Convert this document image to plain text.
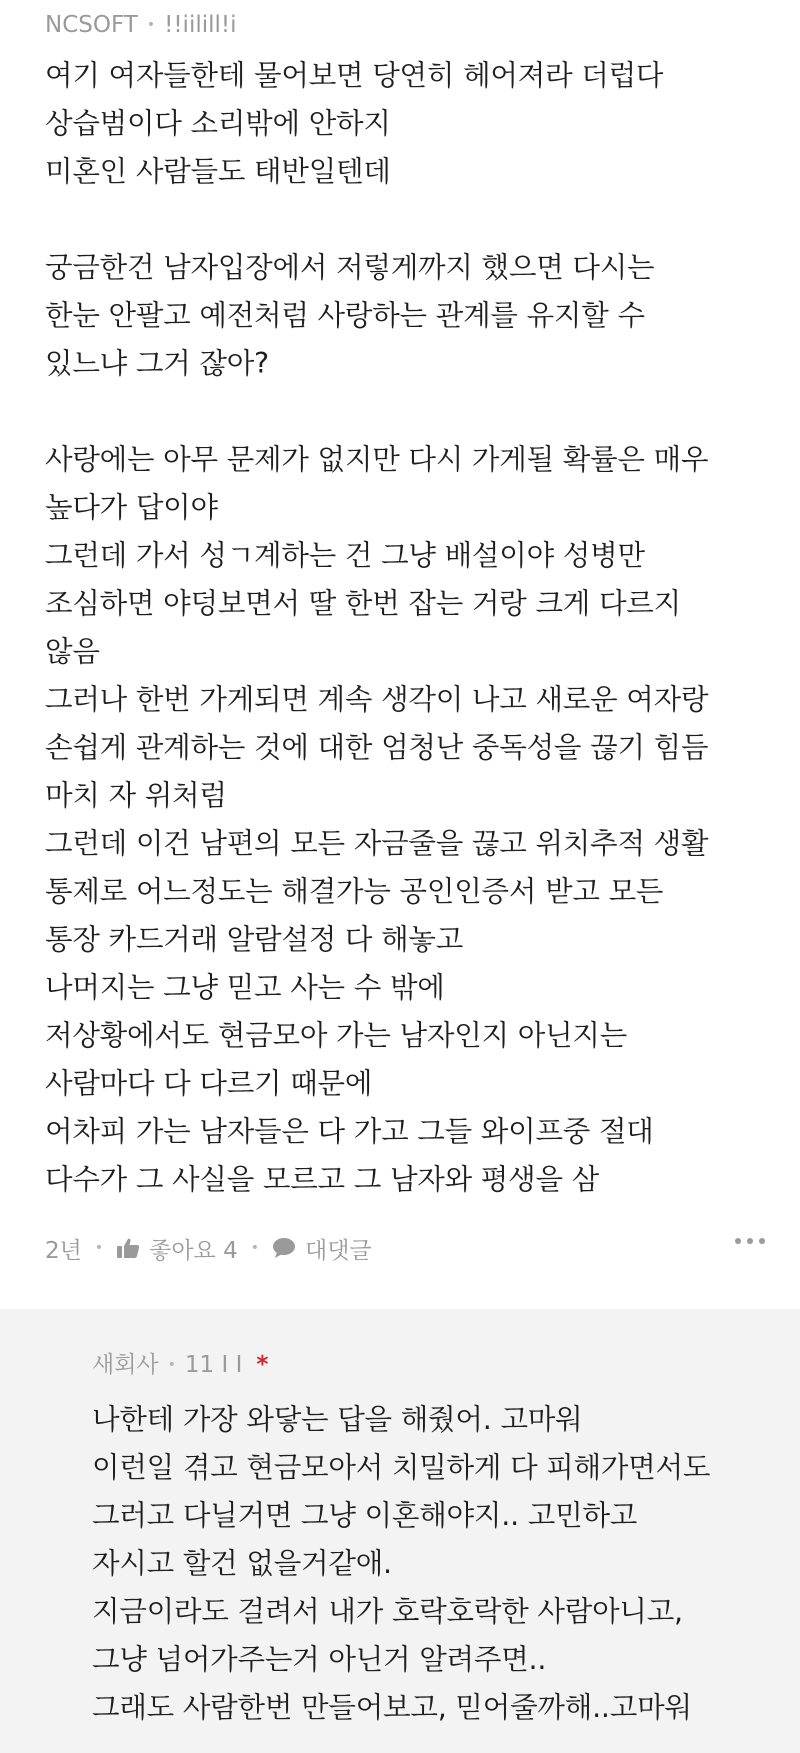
NCSOFT • !!iilill!i
여기 여자들한테 물어보면 당연히 헤어져라 더럽다
상습범이다 소리밖에 안하지
미혼인 사람들도 태반일텐데
궁금한건 남자입장에서 저렇게까지 했으면 다시는
한눈 안팔고 예전처럼 사랑하는 관계를 유지할 수
있느냐 그거 잖아?
사랑에는 아무 문제가 없지만 다시 가게될 확률은 매우
높다가 답이야
그런데 가서 성ㄱ계하는 건 그냥 배설이야 성병만
조심하면 야덩보면서 딸 한번 잡는 거랑 크게 다르지
않음
그러나 한번 가게되면 계속 생각이 나고 새로운 여자랑
손쉽게 관계하는 것에 대한 엄청난 중독성을 끊기 힘듬
마치 자 위처럼
그런데 이건 남편의 모든 자금줄을 끊고 위치추적 생활
통제로 어느정도는 해결가능 공인인증서 받고 모든
통장 카드거래 알람설정 다 해놓고
나머지는 그냥 믿고 사는 수 밖에
저상황에서도 현금모아 가는 남자인지 아닌지는
사람마다 다 다르기 때문에
어차피 가는 남자들은 다 가고 그들 와이프중 절대
다수가 그 사실을 모르고 그 남자와 평생을 삼
2년 • 좋아요 4 • 대댓글
새회사 • 11 I I *
나한테 가장 와닿는 답을 해줬어. 고마워
이런일 겪고 현금모아서 치밀하게 다 피해가면서도
그러고 다닐거면 그냥 이혼해야지.. 고민하고
자시고 할건 없을거같애.
지금이라도 걸려서 내가 호락호락한 사람아니고,
그냥 넘어가주는거 아닌거 알려주면..
그래도 사람한번 만들어보고, 믿어줄까해..고마워
